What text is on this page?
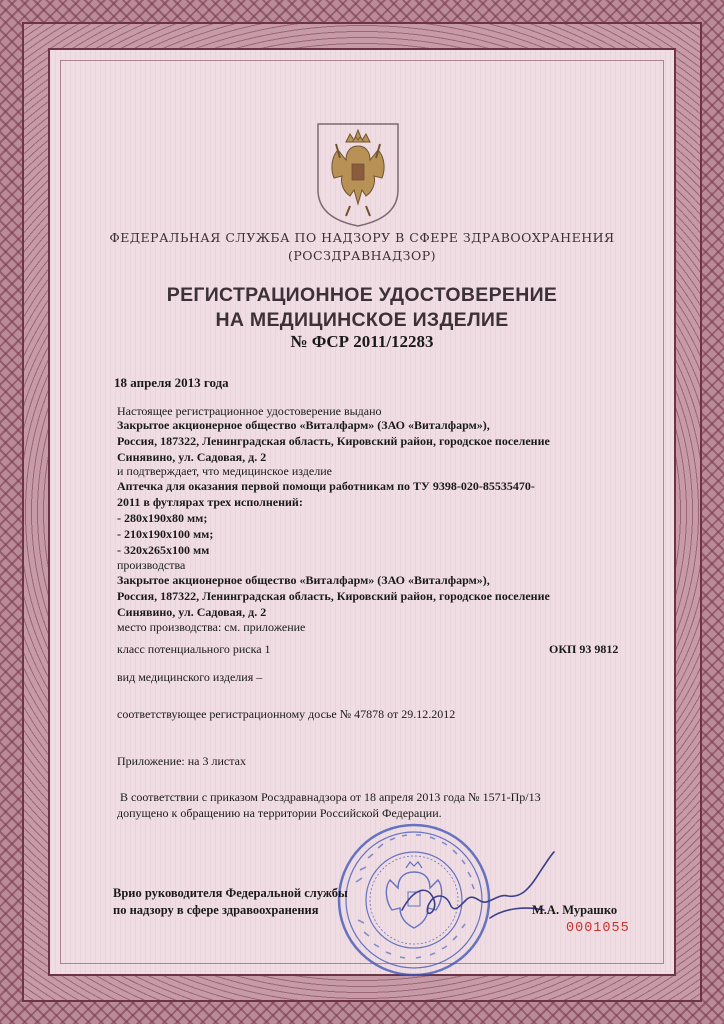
ФЕДЕРАЛЬНАЯ СЛУЖБА ПО НАДЗОРУ В СФЕРЕ ЗДРАВООХРАНЕНИЯ
(РОСЗДРАВНАДЗОР)
РЕГИСТРАЦИОННОЕ УДОСТОВЕРЕНИЕ
НА МЕДИЦИНСКОЕ ИЗДЕЛИЕ
№ ФСР 2011/12283
18 апреля 2013 года
Настоящее регистрационное удостоверение выдано
Закрытое акционерное общество «Виталфарм» (ЗАО «Виталфарм»),
Россия, 187322, Ленинградская область, Кировский район, городское поселение
Синявино, ул. Садовая, д. 2
и подтверждает, что медицинское изделие
Аптечка для оказания первой помощи работникам по ТУ 9398-020-85535470-
2011 в футлярах трех исполнений:
- 280х190х80 мм;
- 210х190х100 мм;
- 320х265х100 мм
производства
Закрытое акционерное общество «Виталфарм» (ЗАО «Виталфарм»),
Россия, 187322, Ленинградская область, Кировский район, городское поселение
Синявино, ул. Садовая, д. 2
место производства: см. приложение
класс потенциального риска 1	ОКП 93 9812
вид медицинского изделия –
соответствующее регистрационному досье № 47878 от 29.12.2012
Приложение: на 3 листах
В соответствии с приказом Росздравнадзора от 18 апреля 2013 года № 1571-Пр/13
допущено к обращению на территории Российской Федерации.
Врио руководителя Федеральной службы
по надзору в сфере здравоохранения	М.А. Мурашко
0001055
